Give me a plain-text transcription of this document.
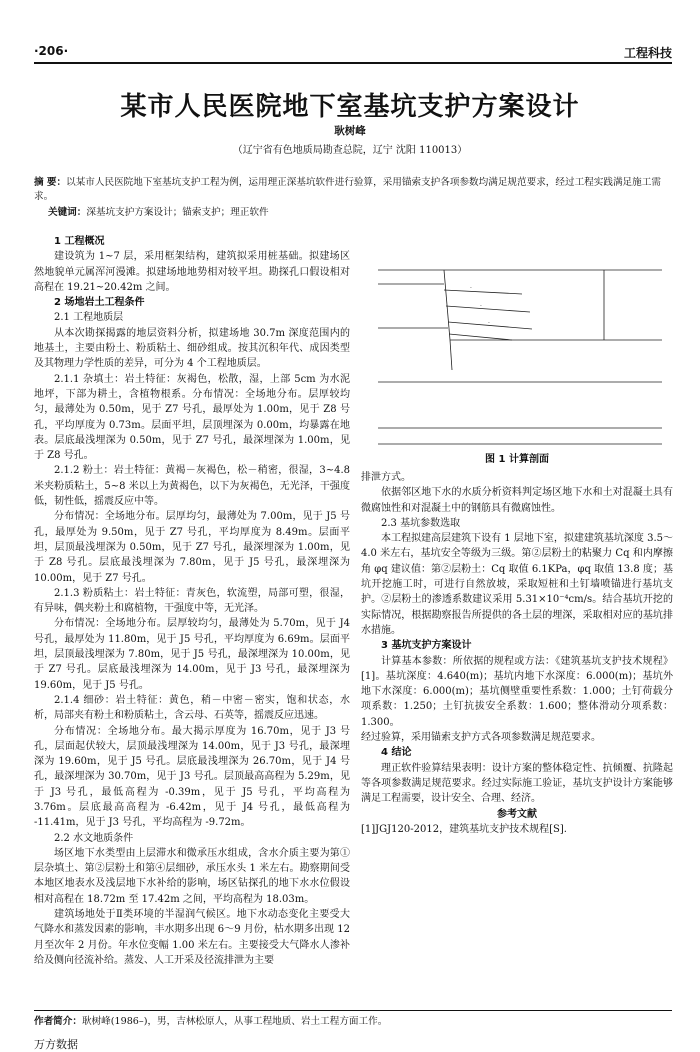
·206·	工程科技
某市人民医院地下室基坑支护方案设计
耿树峰
（辽宁省有色地质局勘查总院，辽宁 沈阳 110013）
摘 要：以某市人民医院地下室基坑支护工程为例，运用理正深基坑软件进行验算，采用锚索支护各项参数均满足规范要求，经过工程实践满足施工需求。
关键词：深基坑支护方案设计；锚索支护；理正软件
1 工程概况

建设筑为 1~7 层，采用框架结构，建筑拟采用桩基础。拟建场区然地貌单元属浑河漫滩。拟建场地地势相对较平坦。勘探孔口假设相对高程在 19.21~20.42m 之间。

2 场地岩土工程条件
2.1 工程地质层

从本次勘探揭露的地层资料分析，拟建场地 30.7m 深度范围内的地基土，主要由粉土、粉质粘土、细砂组成。按其沉积年代、成因类型及其物理力学性质的差异，可分为 4 个工程地质层。

2.1.1 杂填土：岩土特征：灰褐色，松散，湿，上部 5cm 为水泥地坪，下部为耕土，含植物根系。分布情况：全场地分布。层厚较均匀，最薄处为 0.50m，见于 Z7 号孔，最厚处为 1.00m，见于 Z8 号孔，平均厚度为 0.73m。层面平坦，层顶埋深为 0.00m，均暴露在地表。层底最浅埋深为 0.50m，见于 Z7 号孔，最深埋深为 1.00m，见于 Z8 号孔。

2.1.2 粉土：岩土特征：黄褐－灰褐色，松－稍密，很湿，3~4.8 米夹粉质粘土，5~8 米以上为黄褐色，以下为灰褐色，无光泽，干强度低，韧性低，摇震反应中等。

分布情况：全场地分布。层厚均匀，最薄处为 7.00m，见于 J5 号孔，最厚处为 9.50m，见于 Z7 号孔，平均厚度为 8.49m。层面平坦，层顶最浅埋深为 0.50m，见于 Z7 号孔，最深埋深为 1.00m，见于 Z8 号孔。层底最浅埋深为 7.80m，见于 J5 号孔，最深埋深为 10.00m，见于 Z7 号孔。

2.1.3 粉质粘土：岩土特征：青灰色，软流塑，局部可塑，很湿，有异味，偶夹粉土和腐植物，干强度中等，无光泽。

分布情况：全场地分布。层厚较均匀，最薄处为 5.70m，见于 J4 号孔，最厚处为 11.80m，见于 J5 号孔，平均厚度为 6.69m。层面平坦，层顶最浅埋深为 7.80m，见于 J5 号孔，最深埋深为 10.00m，见于 Z7 号孔。层底最浅埋深为 14.00m，见于 J3 号孔，最深埋深为 19.60m，见于 J5 号孔。

2.1.4 细砂：岩土特征：黄色，稍－中密－密实，饱和状态，水析，局部夹有粉土和粉质粘土，含云母、石英等，摇震反应迅速。

分布情况：全场地分布。最大揭示厚度为 16.70m，见于 J3 号孔，层面起伏较大，层顶最浅埋深为 14.00m，见于 J3 号孔，最深埋深为 19.60m，见于 J5 号孔。层底最浅埋深为 26.70m，见于 J4 号孔，最深埋深为 30.70m，见于 J3 号孔。层顶最高高程为 5.29m，见于 J3 号孔，最低高程为 -0.39m，见于 J5 号孔，平均高程为 3.76m。层底最高高程为 -6.42m，见于 J4 号孔，最低高程为 -11.41m，见于 J3 号孔，平均高程为 -9.72m。

2.2 水文地质条件

场区地下水类型由上层滞水和微承压水组成，含水介质主要为第①层杂填土、第②层粉土和第④层细砂，承压水头 1 米左右。勘察期间受本地区地表水及浅层地下水补给的影响，场区钻探孔的地下水水位假设相对高程在 18.72m 至 17.42m 之间，平均高程为 18.03m。

建筑场地处于Ⅱ类环境的半湿润气候区。地下水动态变化主要受大气降水和蒸发因素的影响，丰水期多出现 6～9 月份，枯水期多出现 12 月至次年 2 月份。年水位变幅 1.00 米左右。主要接受大气降水人渗补给及侧向径流补给。蒸发、人工开采及径流排泄为主要

·
·
·
图 1 计算剖面

排泄方式。

依据邻区地下水的水质分析资料判定场区地下水和土对混凝土具有微腐蚀性和对混凝土中的钢筋具有微腐蚀性。

2.3 基坑参数选取

本工程拟建高层建筑下设有 1 层地下室，拟建建筑基坑深度 3.5～4.0 米左右，基坑安全等级为三级。第②层粉土的粘聚力 Cq 和内摩擦角 φq 建议值：第②层粉土：Cq 取值 6.1KPa，φq 取值 13.8 度；基坑开挖施工时，可进行自然放坡，采取短桩和土钉墙喷锚进行基坑支护。②层粉土的渗透系数建议采用 5.31×10⁻⁴cm/s。结合基坑开挖的实际情况，根据勘察报告所提供的各土层的埋深，采取相对应的基坑排水措施。

3 基坑支护方案设计

计算基本参数：所依据的规程或方法：《建筑基坑支护技术规程》[1]。基坑深度：4.640(m)；基坑内地下水深度：6.000(m)；基坑外地下水深度：6.000(m)；基坑侧壁重要性系数：1.000；土钉荷载分项系数：1.250；土钉抗拔安全系数：1.600；整体滑动分项系数：1.300。

经过验算，采用锚索支护方式各项参数满足规范要求。

4 结论

理正软件验算结果表明：设计方案的整体稳定性、抗倾覆、抗隆起等各项参数满足规范要求。经过实际施工验证，基坑支护设计方案能够满足工程需要，设计安全、合理、经济。

参考文献

[1]JGJ120-2012，建筑基坑支护技术规程[S].

作者简介：耿树峰(1986–)，男，吉林松原人，从事工程地质、岩土工程方面工作。
万方数据
